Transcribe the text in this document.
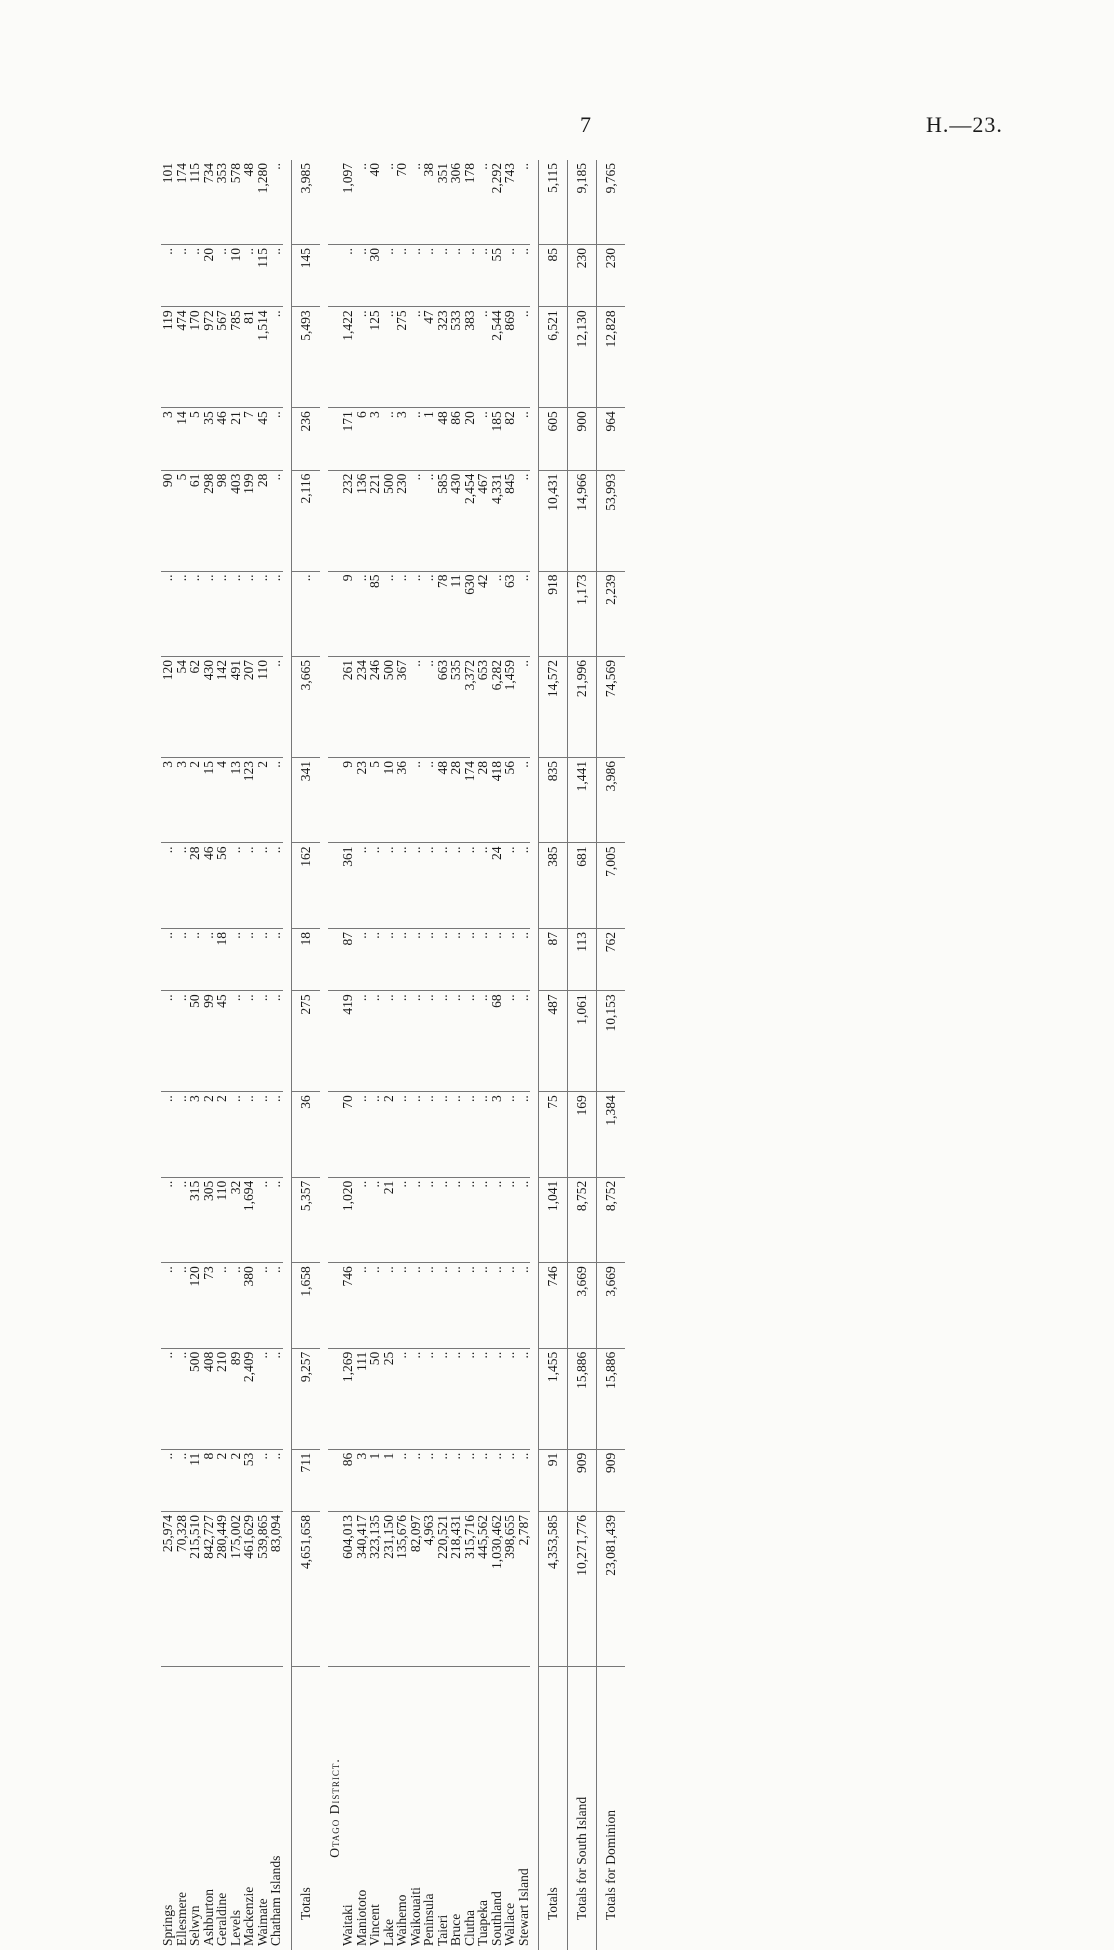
7	H.—23.
Springs	25,974	..	..	..	..	..	..	..	..	3	120	..	90	3	119	..	101
Ellesmere	70,328	..	..	..	..	..	..	..	..	3	54	..	5	14	474	..	174
Selwyn	215,510	11	500	120	315	3	50	..	28	2	62	..	61	5	170	..	115
Ashburton	842,727	8	408	73	305	2	99	..	46	15	430	..	298	35	972	20	734
Geraldine	280,449	2	210	..	110	2	45	18	56	4	142	..	98	46	567	..	353
Levels	175,002	2	89	..	32	..	..	..	..	13	491	..	403	21	785	10	578
Mackenzie	461,629	53	2,409	380	1,694	..	..	..	..	123	207	..	199	7	81	..	48
Waimate	539,865	..	..	..	..	..	..	..	..	2	110	..	28	45	1,514	115	1,280
Chatham Islands	83,094	..	..	..	..	..	..	..	..	..	..	..	..	..	..	..	..

Totals	4,651,658	711	9,257	1,658	5,357	36	275	18	162	341	3,665	..	2,116	236	5,493	145	3,985

Otago District.																	
Waitaki	604,013	86	1,269	746	1,020	70	419	87	361	9	261	9	232	171	1,422	..	1,097
Maniototo	340,417	3	111	..	..	..	..	..	..	23	234	..	136	6	..	..	..
Vincent	323,135	1	50	..	..	..	..	..	..	5	246	85	221	3	125	30	40
Lake	231,150	1	25	..	21	2	..	..	..	10	500	..	500	..	..	..	..
Waihemo	135,676	..	..	..	..	..	..	..	..	36	367	..	230	3	275	..	70
Waikouaiti	82,097	..	..	..	..	..	..	..	..	..	..	..	..	..	..	..	..
Peninsula	4,963	..	..	..	..	..	..	..	..	..	..	..	..	1	47	..	38
Taieri	220,521	..	..	..	..	..	..	..	..	48	663	78	585	48	323	..	351
Bruce	218,431	..	..	..	..	..	..	..	..	28	535	11	430	86	533	..	306
Clutha	315,716	..	..	..	..	..	..	..	..	174	3,372	630	2,454	20	383	..	178
Tuapeka	445,562	..	..	..	..	..	..	..	..	28	653	42	467	..	..	..	..
Southland	1,030,462	..	..	..	..	3	68	..	24	418	6,282	..	4,331	185	2,544	55	2,292
Wallace	398,655	..	..	..	..	..	..	..	..	56	1,459	63	845	82	869	..	743
Stewart Island	2,787	..	..	..	..	..	..	..	..	..	..	..	..	..	..	..	..

Totals	4,353,585	91	1,455	746	1,041	75	487	87	385	835	14,572	918	10,431	605	6,521	85	5,115
Totals for South Island	10,271,776	909	15,886	3,669	8,752	169	1,061	113	681	1,441	21,996	1,173	14,966	900	12,130	230	9,185
Totals for Dominion	23,081,439	909	15,886	3,669	8,752	1,384	10,153	762	7,005	3,986	74,569	2,239	53,993	964	12,828	230	9,765
